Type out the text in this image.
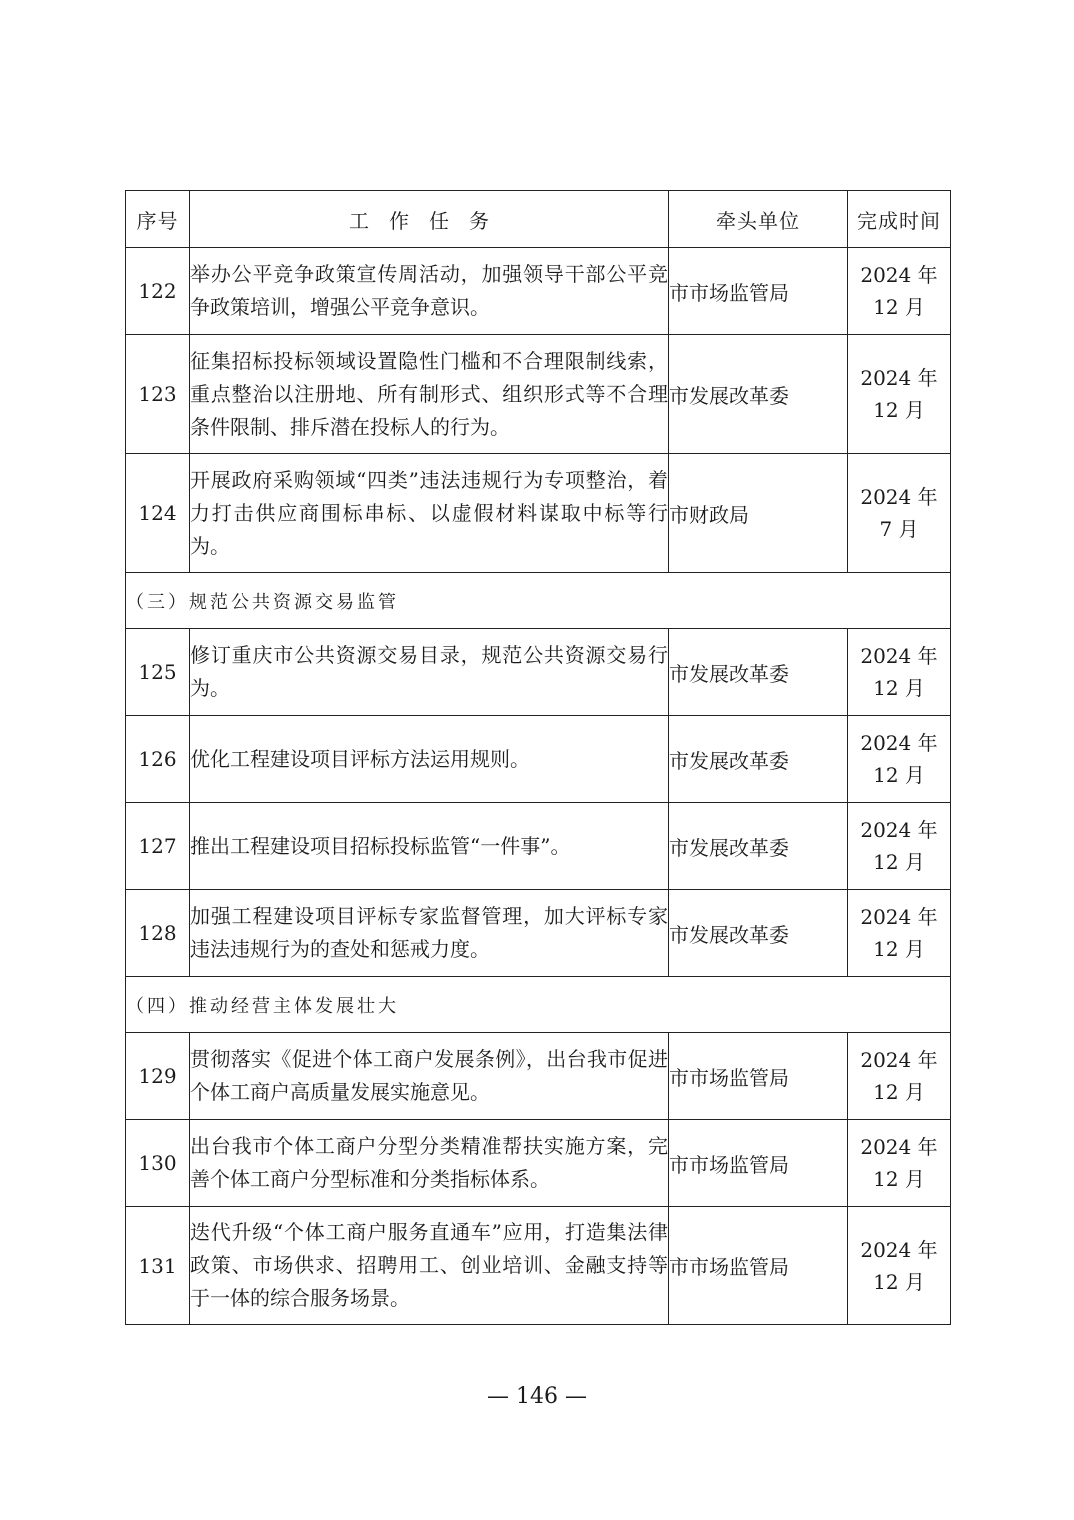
序号	工作任务	牵头单位	完成时间
122	举办公平竞争政策宣传周活动，加强领导干部公平竞争政策培训，增强公平竞争意识。	市市场监管局	2024 年
12 月

123	征集招标投标领域设置隐性门槛和不合理限制线索，重点整治以注册地、所有制形式、组织形式等不合理条件限制、排斥潜在投标人的行为。	市发展改革委	2024 年
12 月

124	开展政府采购领域“四类”违法违规行为专项整治，着力打击供应商围标串标、以虚假材料谋取中标等行为。	市财政局	2024 年
7 月

（三）规范公共资源交易监管			
125	修订重庆市公共资源交易目录，规范公共资源交易行为。	市发展改革委	2024 年
12 月

126	优化工程建设项目评标方法运用规则。	市发展改革委	2024 年
12 月

127	推出工程建设项目招标投标监管“一件事”。	市发展改革委	2024 年
12 月

128	加强工程建设项目评标专家监督管理，加大评标专家违法违规行为的查处和惩戒力度。	市发展改革委	2024 年
12 月

（四）推动经营主体发展壮大			
129	贯彻落实《促进个体工商户发展条例》，出台我市促进个体工商户高质量发展实施意见。	市市场监管局	2024 年
12 月

130	出台我市个体工商户分型分类精准帮扶实施方案，完善个体工商户分型标准和分类指标体系。	市市场监管局	2024 年
12 月

131	迭代升级“个体工商户服务直通车”应用，打造集法律政策、市场供求、招聘用工、创业培训、金融支持等于一体的综合服务场景。	市市场监管局	2024 年
12 月
— 146 —
